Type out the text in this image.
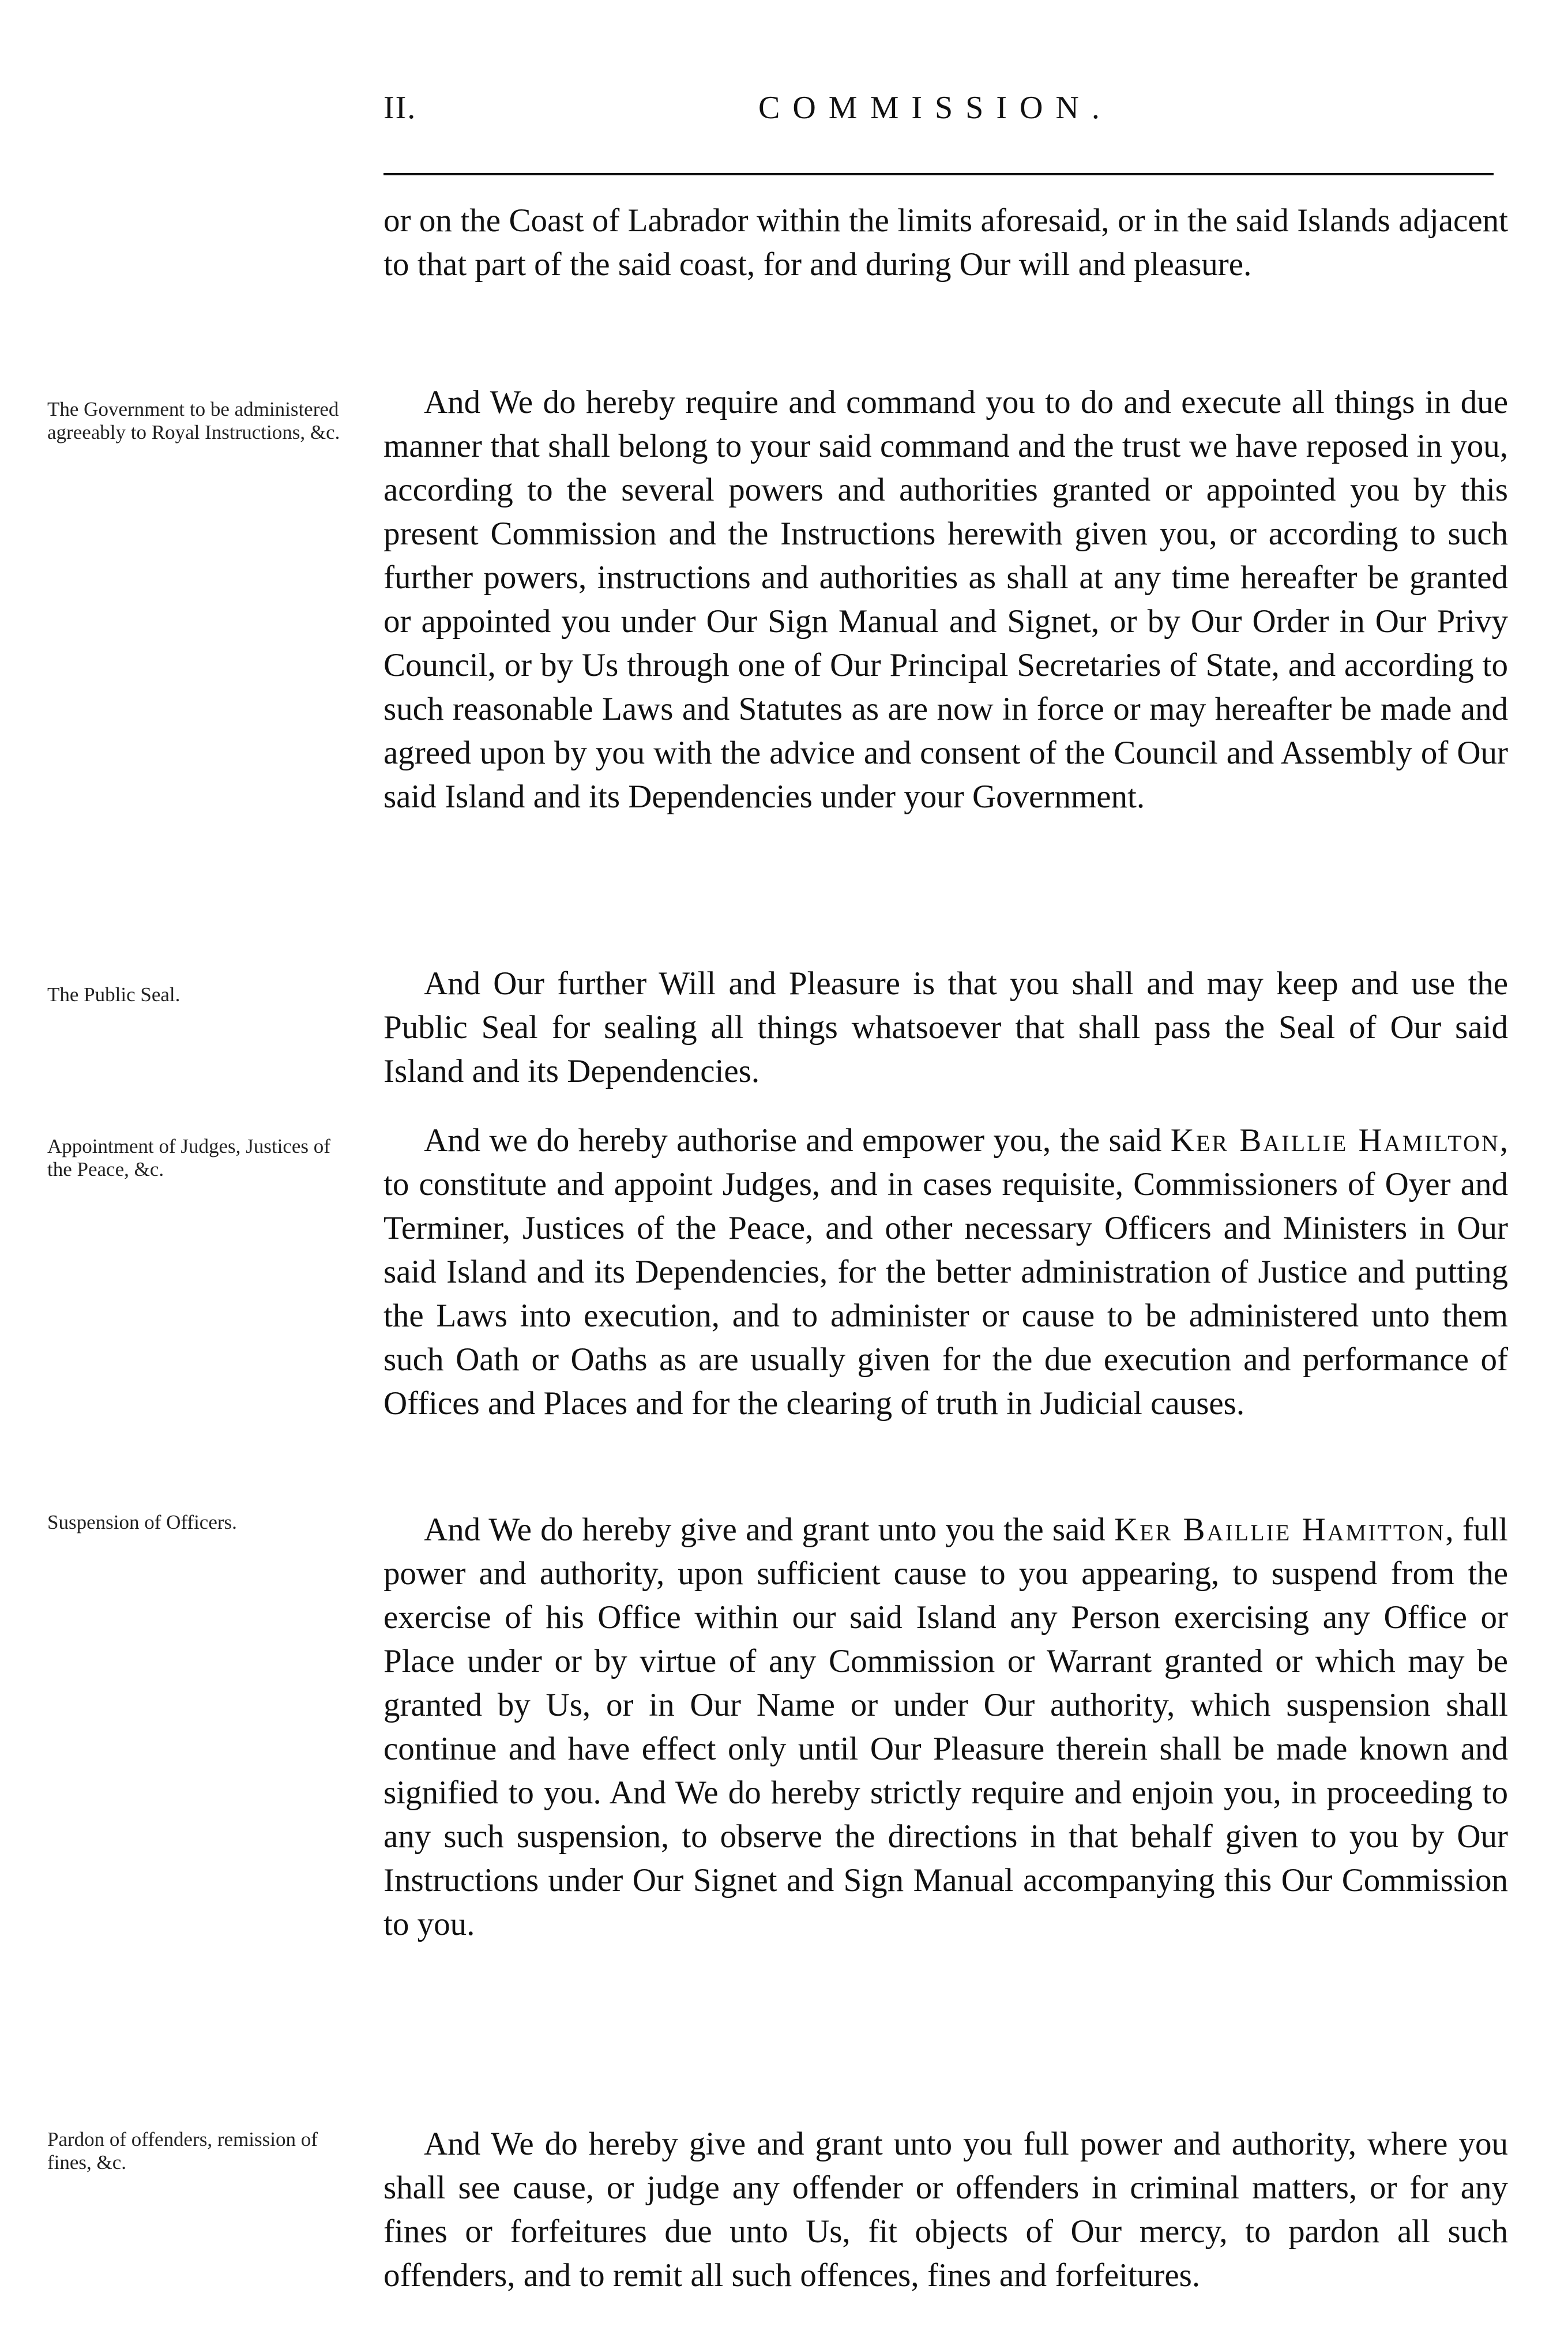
II.	COMMISSION.

or on the Coast of Labrador within the limits aforesaid, or in the said Islands adjacent to that part of the said coast, for and during Our will and pleasure.

The Government to be administered agreeably to Royal Instructions, &c.

And We do hereby require and command you to do and execute all things in due manner that shall belong to your said command and the trust we have reposed in you, according to the several powers and authorities granted or appointed you by this present Commission and the Instructions herewith given you, or according to such further powers, instructions and authorities as shall at any time hereafter be granted or appointed you under Our Sign Manual and Signet, or by Our Order in Our Privy Council, or by Us through one of Our Principal Secretaries of State, and according to such reasonable Laws and Statutes as are now in force or may hereafter be made and agreed upon by you with the advice and consent of the Council and Assembly of Our said Island and its Dependencies under your Government.

The Public Seal.	And Our further Will and Pleasure is that you shall and may keep and use the Public Seal for sealing all things whatsoever that shall pass the Seal of Our said Island and its Dependencies.

Appointment of Judges, Justices of the Peace, &c.

And we do hereby authorise and empower you, the said Ker Baillie Hamilton, to constitute and appoint Judges, and in cases requisite, Commissioners of Oyer and Terminer, Justices of the Peace, and other necessary Officers and Ministers in Our said Island and its Dependencies, for the better administration of Justice and putting the Laws into execution, and to administer or cause to be administered unto them such Oath or Oaths as are usually given for the due execution and performance of Offices and Places and for the clearing of truth in Judicial causes.

Suspension of Officers.	And We do hereby give and grant unto you the said Ker Baillie Hamitton, full power and authority, upon sufficient cause to you appearing, to suspend from the exercise of his Office within our said Island any Person exercising any Office or Place under or by virtue of any Commission or Warrant granted or which may be granted by Us, or in Our Name or under Our authority, which suspension shall continue and have effect only until Our Pleasure therein shall be made known and signified to you. And We do hereby strictly require and enjoin you, in proceeding to any such suspension, to observe the directions in that behalf given to you by Our Instructions under Our Signet and Sign Manual accompanying this Our Commission to you.

Pardon of offenders, remission of fines, &c.

And We do hereby give and grant unto you full power and authority, where you shall see cause, or judge any offender or offenders in criminal matters, or for any fines or forfeitures due unto Us, fit objects of Our mercy, to pardon all such offenders, and to remit all such offences, fines and forfeitures.
